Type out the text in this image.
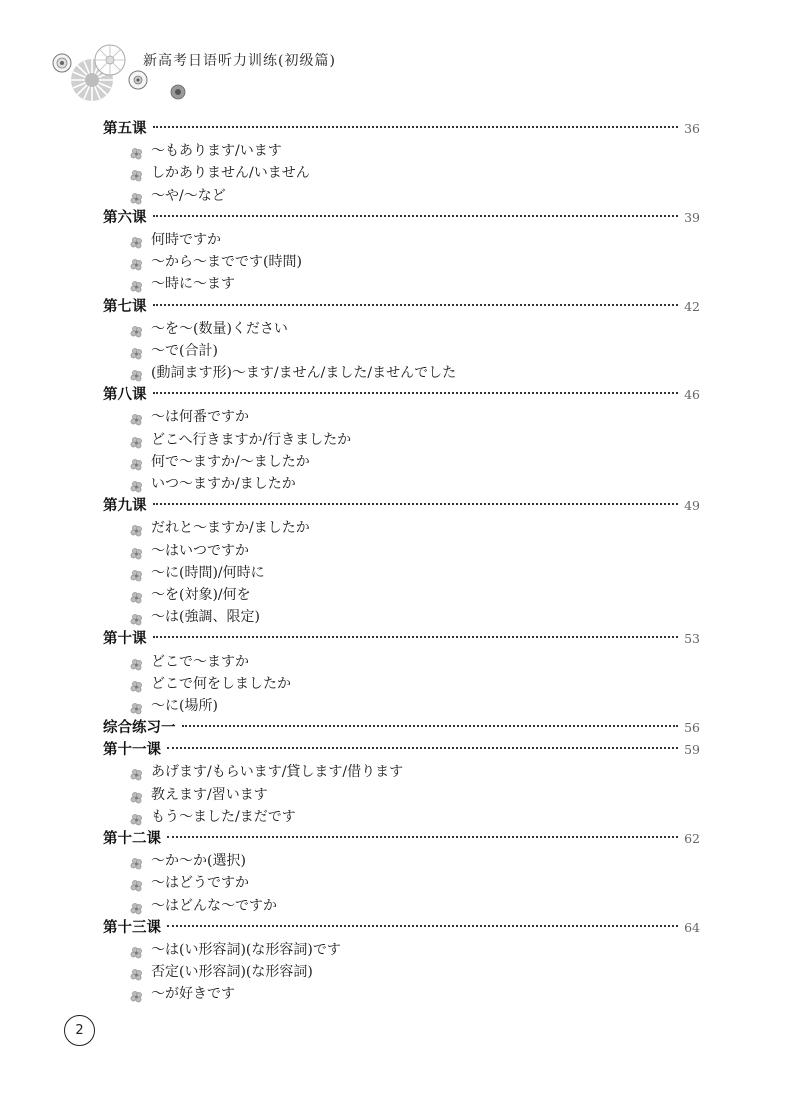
新高考日语听力训练(初级篇)
第五课	36
～もあります/います
しかありません/いません
～や/～など
第六课	39
何時ですか
～から～までです(時間)
～時に～ます
第七课	42
～を～(数量)ください
～で(合計)
(動詞ます形)～ます/ません/ました/ませんでした
第八课	46
～は何番ですか
どこへ行きますか/行きましたか
何で～ますか/～ましたか
いつ～ますか/ましたか
第九课	49
だれと～ますか/ましたか
～はいつですか
～に(時間)/何時に
～を(対象)/何を
～は(強調、限定)
第十课	53
どこで～ますか
どこで何をしましたか
～に(場所)
综合练习一	56
第十一课	59
あげます/もらいます/貸します/借ります
教えます/習います
もう～ました/まだです
第十二课	62
～か～か(選択)
～はどうですか
～はどんな～ですか
第十三课	64
～は(い形容詞)(な形容詞)です
否定(い形容詞)(な形容詞)
～が好きです
2
